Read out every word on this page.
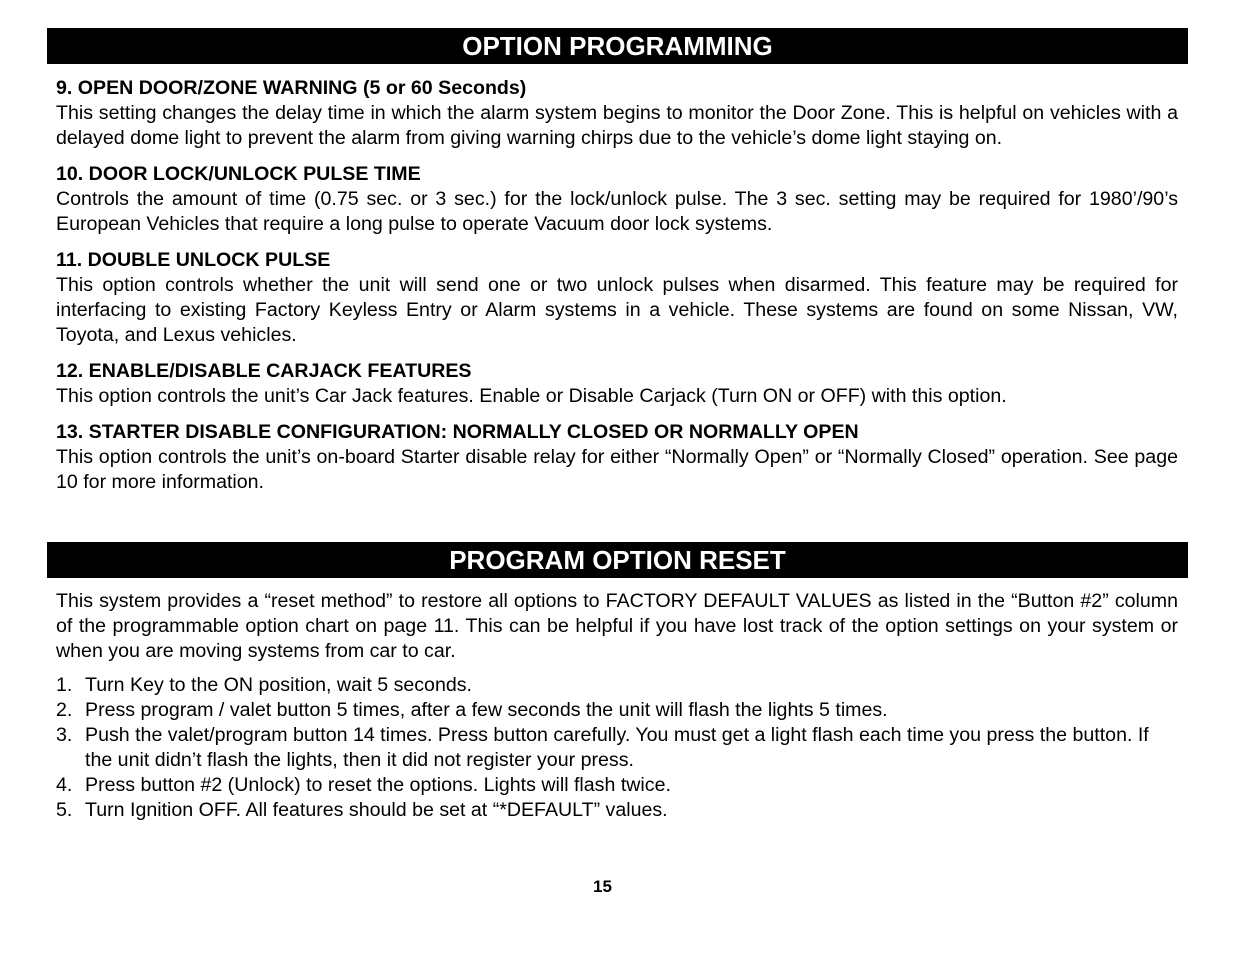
OPTION PROGRAMMING
9. OPEN DOOR/ZONE WARNING (5 or 60 Seconds)

This setting changes the delay time in which the alarm system begins to monitor the Door Zone. This is helpful on vehicles with a delayed dome light to prevent the alarm from giving warning chirps due to the vehicle’s dome light staying on.

10. DOOR LOCK/UNLOCK PULSE TIME

Controls the amount of time (0.75 sec. or 3 sec.) for the lock/unlock pulse. The 3 sec. setting may be required for 1980’/90’s European Vehicles that require a long pulse to operate Vacuum door lock systems.

11. DOUBLE UNLOCK PULSE

This option controls whether the unit will send one or two unlock pulses when disarmed. This feature may be required for interfacing to existing Factory Keyless Entry or Alarm systems in a vehicle. These systems are found on some Nissan, VW, Toyota, and Lexus vehicles.

12. ENABLE/DISABLE CARJACK FEATURES

This option controls the unit’s Car Jack features. Enable or Disable Carjack (Turn ON or OFF) with this option.

13. STARTER DISABLE CONFIGURATION: NORMALLY CLOSED OR NORMALLY OPEN

This option controls the unit’s on-board Starter disable relay for either “Normally Open” or “Normally Closed” operation. See page 10 for more information.

PROGRAM OPTION RESET

This system provides a “reset method” to restore all options to FACTORY DEFAULT VALUES as listed in the “Button #2” column of the programmable option chart on page 11. This can be helpful if you have lost track of the option settings on your system or when you are moving systems from car to car.

1. Turn Key to the ON position, wait 5 seconds.
2. Press program / valet button 5 times, after a few seconds the unit will flash the lights 5 times.
3. Push the valet/program button 14 times. Press button carefully. You must get a light flash each time you press the button. If the unit didn’t flash the lights, then it did not register your press.
4. Press button #2 (Unlock) to reset the options. Lights will flash twice.
5. Turn Ignition OFF. All features should be set at “*DEFAULT” values.
15
